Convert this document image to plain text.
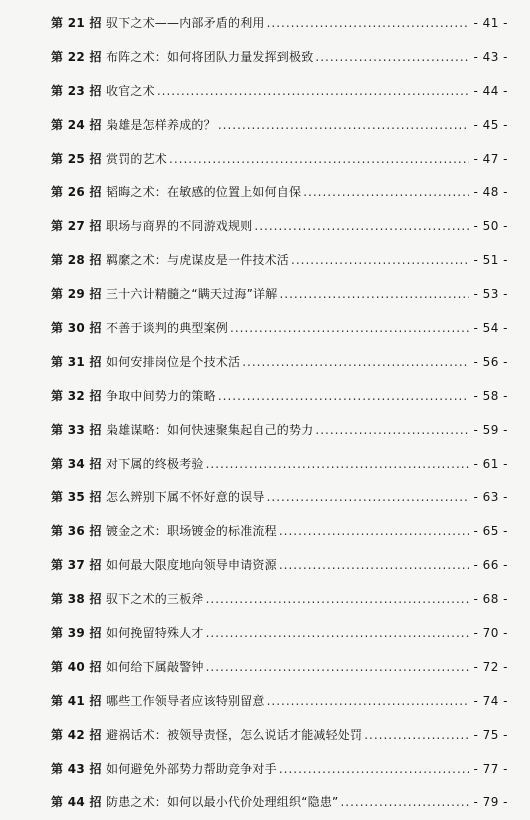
第 21 招 驭下之术——内部矛盾的利用 .....	- 41 -
第 22 招 布阵之术：如何将团队力量发挥到极致 .....	- 43 -
第 23 招 收官之术 .....	- 44 -
第 24 招 枭雄是怎样养成的？ .....	- 45 -
第 25 招 赏罚的艺术 .....	- 47 -
第 26 招 韬晦之术：在敏感的位置上如何自保 .....	- 48 -
第 27 招 职场与商界的不同游戏规则 .....	- 50 -
第 28 招 羁縻之术：与虎谋皮是一件技术活 .....	- 51 -
第 29 招 三十六计精髓之“瞒天过海”详解 .....	- 53 -
第 30 招 不善于谈判的典型案例 .....	- 54 -
第 31 招 如何安排岗位是个技术活 .....	- 56 -
第 32 招 争取中间势力的策略 .....	- 58 -
第 33 招 枭雄谋略：如何快速聚集起自己的势力 .....	- 59 -
第 34 招 对下属的终极考验 .....	- 61 -
第 35 招 怎么辨别下属不怀好意的误导 .....	- 63 -
第 36 招 镀金之术：职场镀金的标准流程 .....	- 65 -
第 37 招 如何最大限度地向领导申请资源 .....	- 66 -
第 38 招 驭下之术的三板斧 .....	- 68 -
第 39 招 如何挽留特殊人才 .....	- 70 -
第 40 招 如何给下属敲警钟 .....	- 72 -
第 41 招 哪些工作领导者应该特别留意 .....	- 74 -
第 42 招 避祸话术：被领导责怪，怎么说话才能减轻处罚 .....	- 75 -
第 43 招 如何避免外部势力帮助竞争对手 .....	- 77 -
第 44 招 防患之术：如何以最小代价处理组织“隐患” .....	- 79 -
